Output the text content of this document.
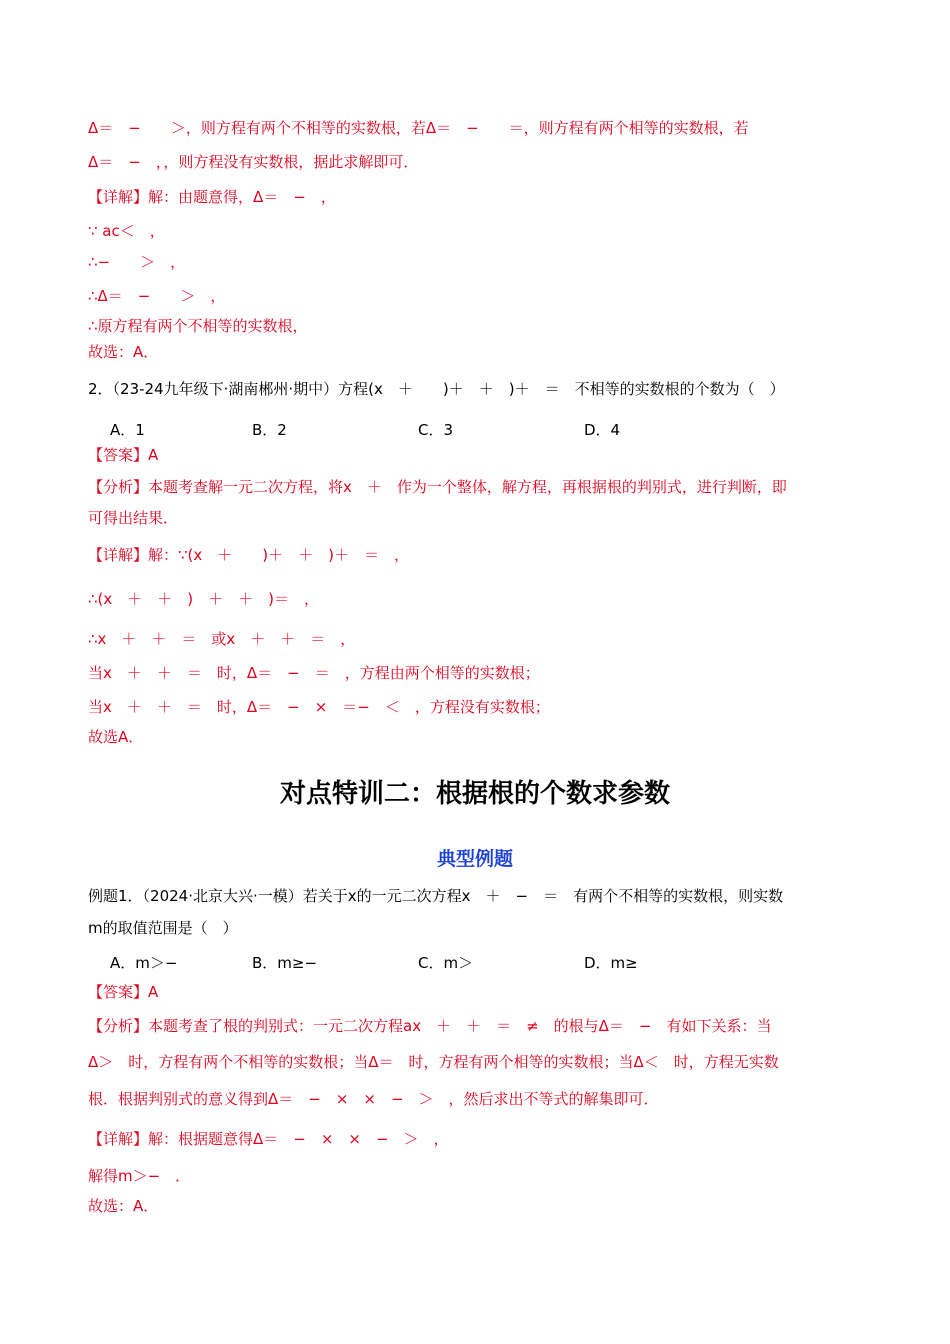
Δ＝　−　　＞，则方程有两个不相等的实数根，若Δ＝　−　　＝，则方程有两个相等的实数根，若
Δ＝　−　，，则方程没有实数根，据此求解即可．
【详解】解：由题意得，Δ＝　−　，
∵ ac＜　，
∴−　　＞　，
∴Δ＝　−　　＞　，
∴原方程有两个不相等的实数根，
故选：A．
2．（23-24九年级下·湖南郴州·期中）方程(x　＋　　)＋　＋　)＋　＝　不相等的实数根的个数为（　）
A．1	B．2	C．3	D．4
【答案】A
【分析】本题考查解一元二次方程，将x　＋　作为一个整体，解方程，再根据根的判别式，进行判断，即
可得出结果．
【详解】解：∵(x　＋　　)＋　＋　)＋　＝　，
∴(x　＋　＋　)　＋　＋　)＝　，
∴x　＋　＋　＝　或x　＋　＋　＝　，
当x　＋　＋　＝　时，Δ＝　−　＝　，方程由两个相等的实数根；
当x　＋　＋　＝　时，Δ＝　−　×　＝−　＜　，方程没有实数根；
故选A．
对点特训二：根据根的个数求参数
典型例题
例题1．（2024·北京大兴·一模）若关于x的一元二次方程x　＋　−　＝　有两个不相等的实数根，则实数
m的取值范围是（　）
A．m＞−	B．m≥−	C．m＞	D．m≥
【答案】A
【分析】本题考查了根的判别式：一元二次方程ax　＋　＋　＝　≠　的根与Δ＝　−　有如下关系：当
Δ＞　时，方程有两个不相等的实数根；当Δ＝　时，方程有两个相等的实数根；当Δ＜　时，方程无实数
根．根据判别式的意义得到Δ＝　−　×　×　−　＞　，然后求出不等式的解集即可．
【详解】解：根据题意得Δ＝　−　×　×　−　＞　，
解得m＞−　．
故选：A．
